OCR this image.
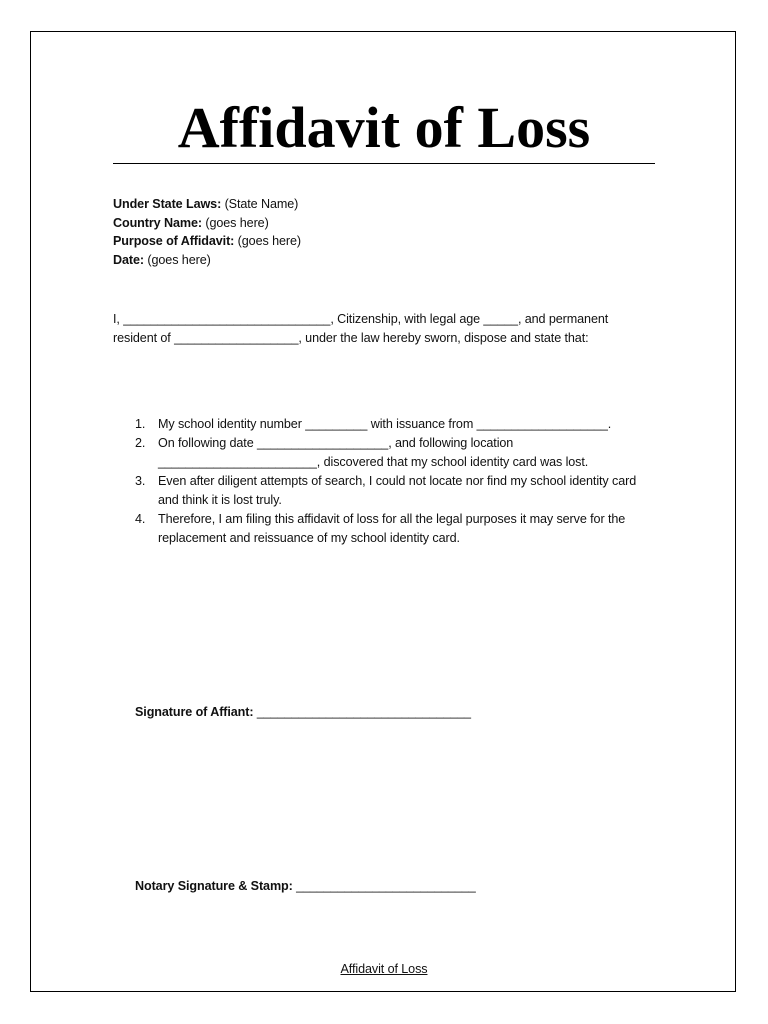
Affidavit of Loss
Under State Laws: (State Name)
Country Name: (goes here)
Purpose of Affidavit: (goes here)
Date: (goes here)
I, ______________________________, Citizenship, with legal age _____, and permanent
resident of __________________, under the law hereby sworn, dispose and state that:
1. My school identity number _________ with issuance from ___________________.
2. On following date ___________________, and following location
_______________________, discovered that my school identity card was lost.
3. Even after diligent attempts of search, I could not locate nor find my school identity card
and think it is lost truly.
4. Therefore, I am filing this affidavit of loss for all the legal purposes it may serve for the
replacement and reissuance of my school identity card.
Signature of Affiant: _______________________________
Notary Signature & Stamp: __________________________
Affidavit of Loss
